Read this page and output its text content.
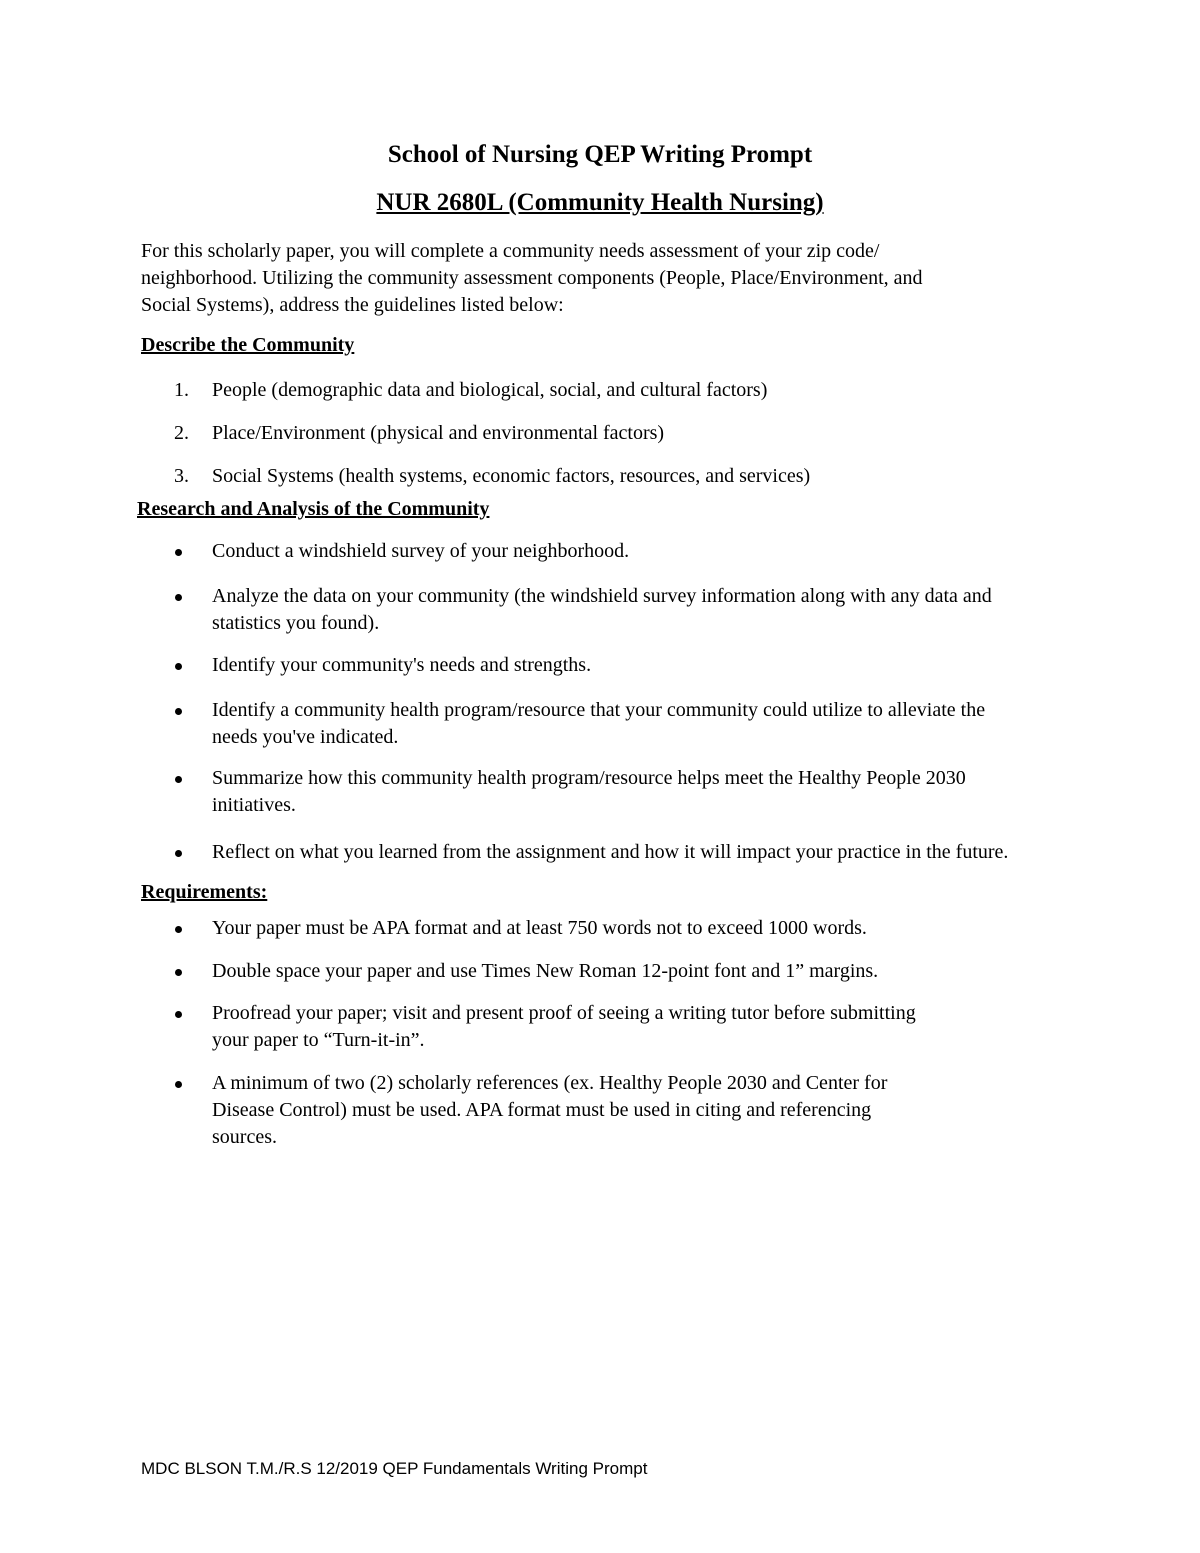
School of Nursing QEP Writing Prompt
NUR 2680L (Community Health Nursing)

For this scholarly paper, you will complete a community needs assessment of your zip code/
neighborhood. Utilizing the community assessment components (People, Place/Environment, and
Social Systems), address the guidelines listed below:

Describe the Community
1. People (demographic data and biological, social, and cultural factors)

2. Place/Environment (physical and environmental factors)

3. Social Systems (health systems, economic factors, resources, and services)

Research and Analysis of the Community

Conduct a windshield survey of your neighborhood.

Analyze the data on your community (the windshield survey information along with any data and
statistics you found).

Identify your community's needs and strengths.

Identify a community health program/resource that your community could utilize to alleviate the
needs you've indicated.

Summarize how this community health program/resource helps meet the Healthy People 2030
initiatives.

Reflect on what you learned from the assignment and how it will impact your practice in the future.

Requirements:

Your paper must be APA format and at least 750 words not to exceed 1000 words.

Double space your paper and use Times New Roman 12-point font and 1” margins.

Proofread your paper; visit and present proof of seeing a writing tutor before submitting
your paper to “Turn-it-in”.

A minimum of two (2) scholarly references (ex. Healthy People 2030 and Center for
Disease Control) must be used. APA format must be used in citing and referencing
sources.

MDC BLSON T.M./R.S 12/2019 QEP Fundamentals Writing Prompt
